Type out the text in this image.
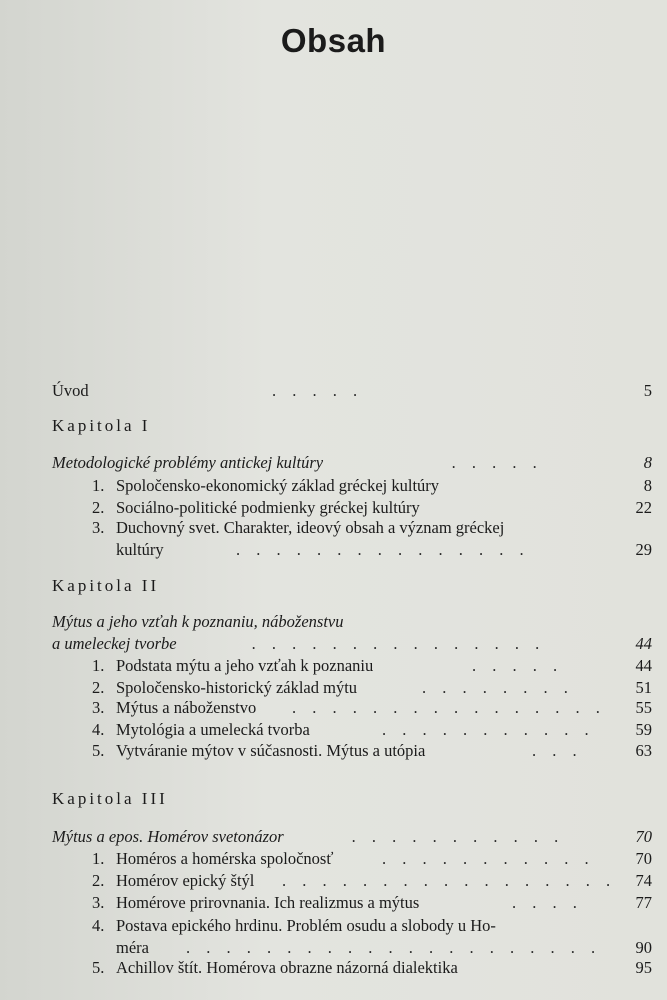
Obsah
Úvod	. . . . .	5
Kapitola I
Metodologické problémy antickej kultúry	. . . . .	8
1. Spoločensko-ekonomický základ gréckej kultúry	8
2. Sociálno-politické podmienky gréckej kultúry	22
3. Duchovný svet. Charakter, ideový obsah a význam gréckej
kultúry	. . . . . . . . . . . . . . .	29
Kapitola II
Mýtus a jeho vzťah k poznaniu, náboženstvu
a umeleckej tvorbe	. . . . . . . . . . . . . . .	44
1. Podstata mýtu a jeho vzťah k poznaniu	. . . . .	44
2. Spoločensko-historický základ mýtu	. . . . . . . .	51
3. Mýtus a náboženstvo . . . . . . . . . . . . . . . . 55
4. Mytológia a umelecká tvorba	. . . . . . . . . . . 59
5. Vytváranie mýtov v súčasnosti. Mýtus a utópia	. . .	63
Kapitola III
Mýtus a epos. Homérov svetonázor	. . . . . . . . . . .	70
1. Homéros a homérska spoločnosť	. . . . . . . . . . . 70
2. Homérov epický štýl . . . . . . . . . . . . . . . . . 74
3. Homérove prirovnania. Ich realizmus a mýtus	. . . .	77
4. Postava epického hrdinu. Problém osudu a slobody u Ho-
méra . . . . . . . . . . . . . . . . . . . . . 90
5. Achillov štít. Homérova obrazne názorná dialektika	95
